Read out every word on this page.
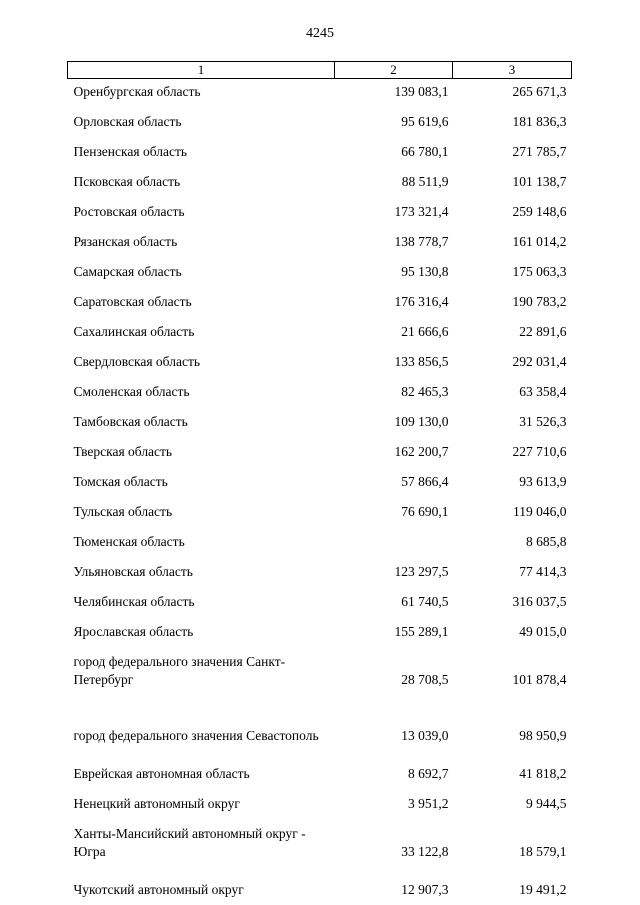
4245
1	2	3
Оренбургская область	139 083,1	265 671,3
Орловская область	95 619,6	181 836,3
Пензенская область	66 780,1	271 785,7
Псковская область	88 511,9	101 138,7
Ростовская область	173 321,4	259 148,6
Рязанская область	138 778,7	161 014,2
Самарская область	95 130,8	175 063,3
Саратовская область	176 316,4	190 783,2
Сахалинская область	21 666,6	22 891,6
Свердловская область	133 856,5	292 031,4
Смоленская область	82 465,3	63 358,4
Тамбовская область	109 130,0	31 526,3
Тверская область	162 200,7	227 710,6
Томская область	57 866,4	93 613,9
Тульская область	76 690,1	119 046,0
Тюменская область		8 685,8
Ульяновская область	123 297,5	77 414,3
Челябинская область	61 740,5	316 037,5
Ярославская область	155 289,1	49 015,0
город федерального значения Санкт-Петербург	28 708,5	101 878,4
город федерального значения Севастополь	13 039,0	98 950,9
Еврейская автономная область	8 692,7	41 818,2
Ненецкий автономный округ	3 951,2	9 944,5
Ханты-Мансийский автономный округ - Югра	33 122,8	18 579,1
Чукотский автономный округ	12 907,3	19 491,2
